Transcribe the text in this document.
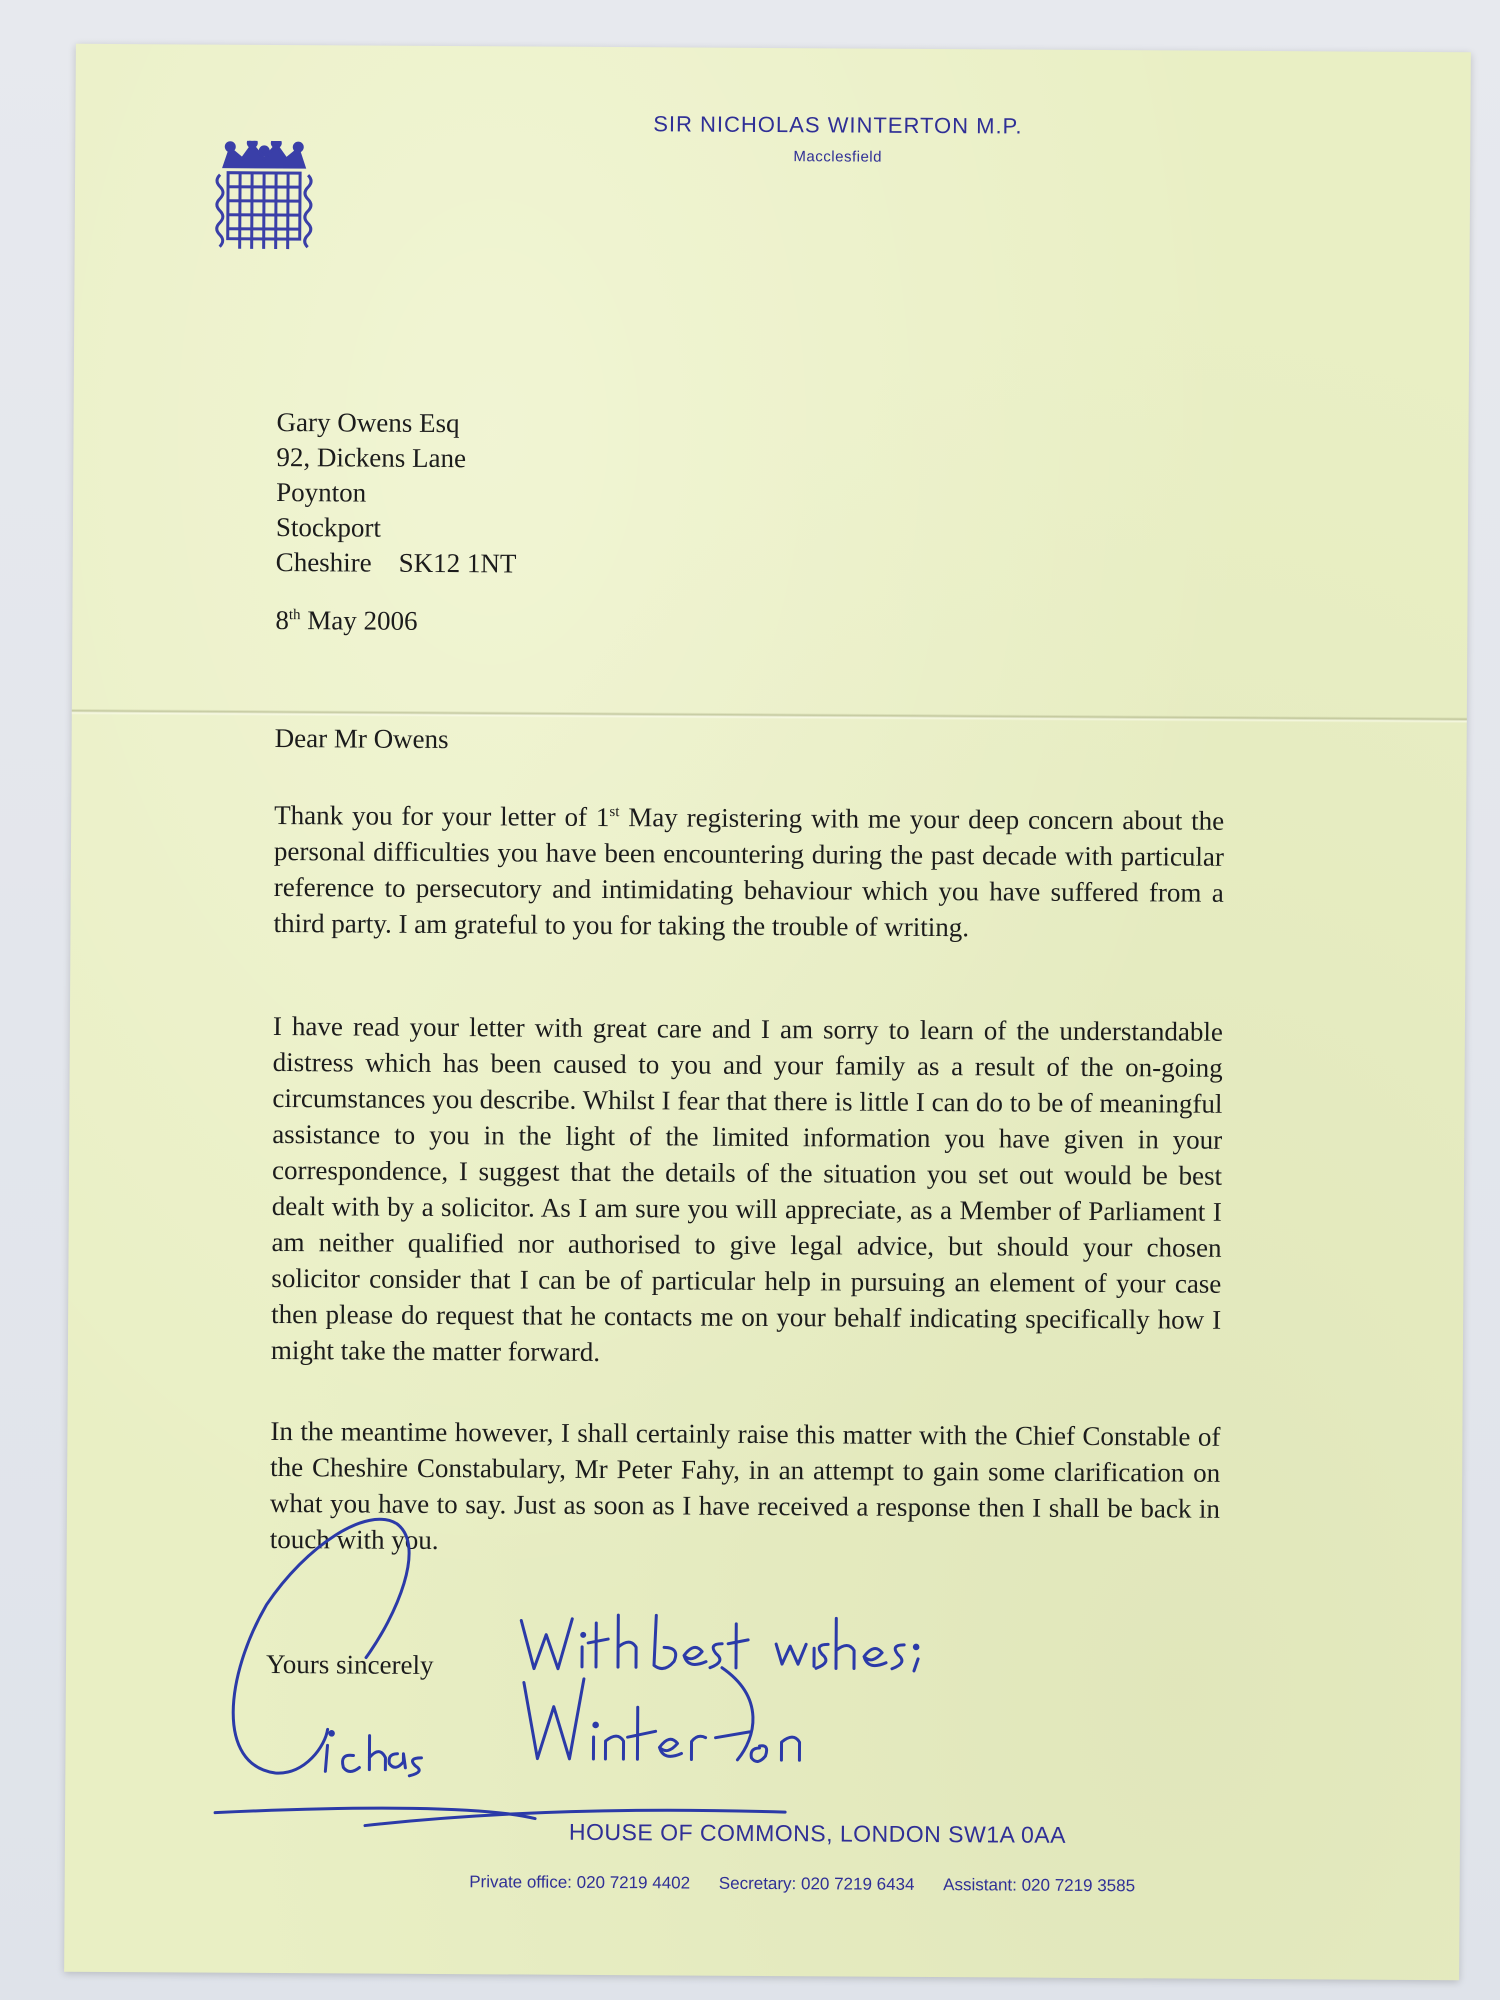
SIR NICHOLAS WINTERTON M.P.
Macclesfield
Gary Owens Esq
92, Dickens Lane
Poynton
Stockport
Cheshire    SK12 1NT
8th May 2006
Dear Mr Owens

Thank you for your letter of 1st May registering with me your deep concern about the personal difficulties you have been encountering during the past decade with particular reference to persecutory and intimidating behaviour which you have suffered from a third party. I am grateful to you for taking the trouble of writing.

I have read your letter with great care and I am sorry to learn of the understandable distress which has been caused to you and your family as a result of the on-going circumstances you describe. Whilst I fear that there is little I can do to be of meaningful assistance to you in the light of the limited information you have given in your correspondence, I suggest that the details of the situation you set out would be best dealt with by a solicitor. As I am sure you will appreciate, as a Member of Parliament I am neither qualified nor authorised to give legal advice, but should your chosen solicitor consider that I can be of particular help in pursuing an element of your case then please do request that he contacts me on your behalf indicating specifically how I might take the matter forward.

In the meantime however, I shall certainly raise this matter with the Chief Constable of the Cheshire Constabulary, Mr Peter Fahy, in an attempt to gain some clarification on what you have to say. Just as soon as I have received a response then I shall be back in touch with you.

Yours sincerely
HOUSE OF COMMONS, LONDON SW1A 0AA
Private office: 020 7219 4402 Secretary: 020 7219 6434 Assistant: 020 7219 3585
